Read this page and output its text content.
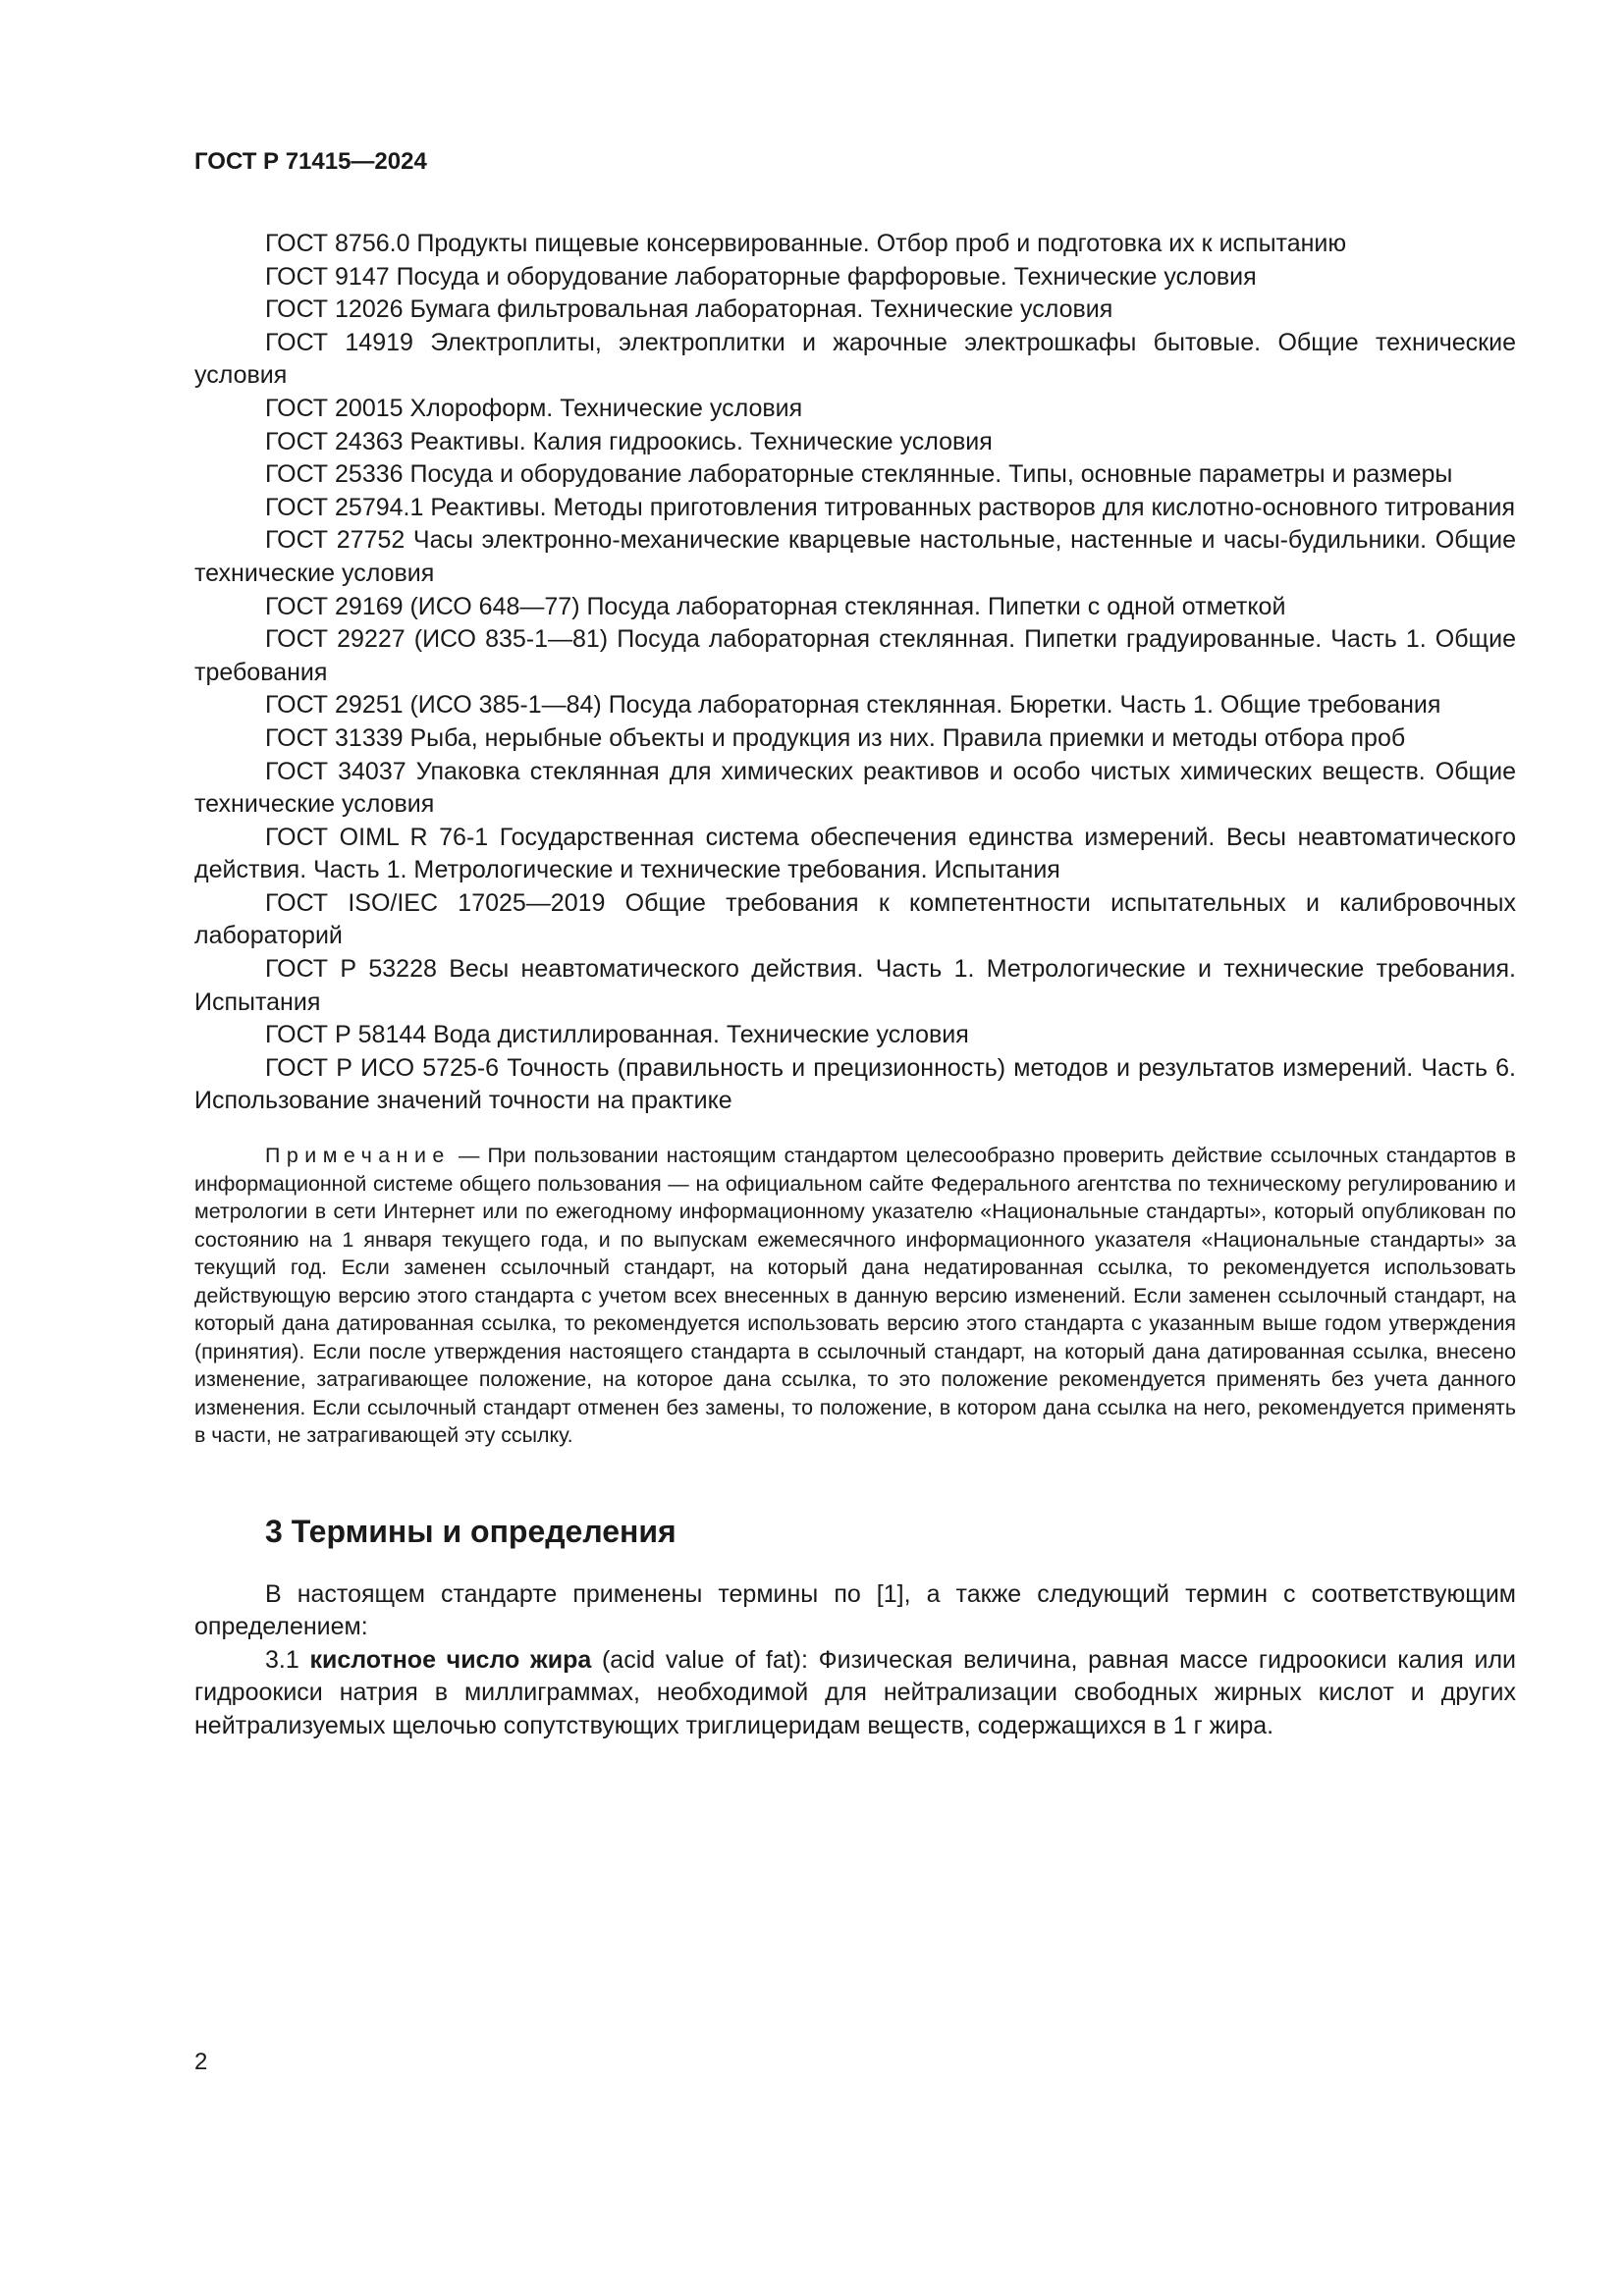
ГОСТ Р 71415—2024

ГОСТ 8756.0 Продукты пищевые консервированные. Отбор проб и подготовка их к испытанию

ГОСТ 9147 Посуда и оборудование лабораторные фарфоровые. Технические условия

ГОСТ 12026 Бумага фильтровальная лабораторная. Технические условия

ГОСТ 14919 Электроплиты, электроплитки и жарочные электрошкафы бытовые. Общие технические условия

ГОСТ 20015 Хлороформ. Технические условия

ГОСТ 24363 Реактивы. Калия гидроокись. Технические условия

ГОСТ 25336 Посуда и оборудование лабораторные стеклянные. Типы, основные параметры и размеры

ГОСТ 25794.1 Реактивы. Методы приготовления титрованных растворов для кислотно-основного титрования

ГОСТ 27752 Часы электронно-механические кварцевые настольные, настенные и часы-будильники. Общие технические условия

ГОСТ 29169 (ИСО 648—77) Посуда лабораторная стеклянная. Пипетки с одной отметкой

ГОСТ 29227 (ИСО 835-1—81) Посуда лабораторная стеклянная. Пипетки градуированные. Часть 1. Общие требования

ГОСТ 29251 (ИСО 385-1—84) Посуда лабораторная стеклянная. Бюретки. Часть 1. Общие требования

ГОСТ 31339 Рыба, нерыбные объекты и продукция из них. Правила приемки и методы отбора проб

ГОСТ 34037 Упаковка стеклянная для химических реактивов и особо чистых химических веществ. Общие технические условия

ГОСТ OIML R 76-1 Государственная система обеспечения единства измерений. Весы неавтоматического действия. Часть 1. Метрологические и технические требования. Испытания

ГОСТ ISO/IEC 17025—2019 Общие требования к компетентности испытательных и калибровочных лабораторий

ГОСТ Р 53228 Весы неавтоматического действия. Часть 1. Метрологические и технические требования. Испытания

ГОСТ Р 58144 Вода дистиллированная. Технические условия

ГОСТ Р ИСО 5725-6 Точность (правильность и прецизионность) методов и результатов измерений. Часть 6. Использование значений точности на практике

Примечание — При пользовании настоящим стандартом целесообразно проверить действие ссылочных стандартов в информационной системе общего пользования — на официальном сайте Федерального агентства по техническому регулированию и метрологии в сети Интернет или по ежегодному информационному указателю «Национальные стандарты», который опубликован по состоянию на 1 января текущего года, и по выпускам ежемесячного информационного указателя «Национальные стандарты» за текущий год. Если заменен ссылочный стандарт, на который дана недатированная ссылка, то рекомендуется использовать действующую версию этого стандарта с учетом всех внесенных в данную версию изменений. Если заменен ссылочный стандарт, на который дана датированная ссылка, то рекомендуется использовать версию этого стандарта с указанным выше годом утверждения (принятия). Если после утверждения настоящего стандарта в ссылочный стандарт, на который дана датированная ссылка, внесено изменение, затрагивающее положение, на которое дана ссылка, то это положение рекомендуется применять без учета данного изменения. Если ссылочный стандарт отменен без замены, то положение, в котором дана ссылка на него, рекомендуется применять в части, не затрагивающей эту ссылку.
3 Термины и определения

В настоящем стандарте применены термины по [1], а также следующий термин с соответствующим определением:

3.1 кислотное число жира (acid value of fat): Физическая величина, равная массе гидроокиси калия или гидроокиси натрия в миллиграммах, необходимой для нейтрализации свободных жирных кислот и других нейтрализуемых щелочью сопутствующих триглицеридам веществ, содержащихся в 1 г жира.

2
